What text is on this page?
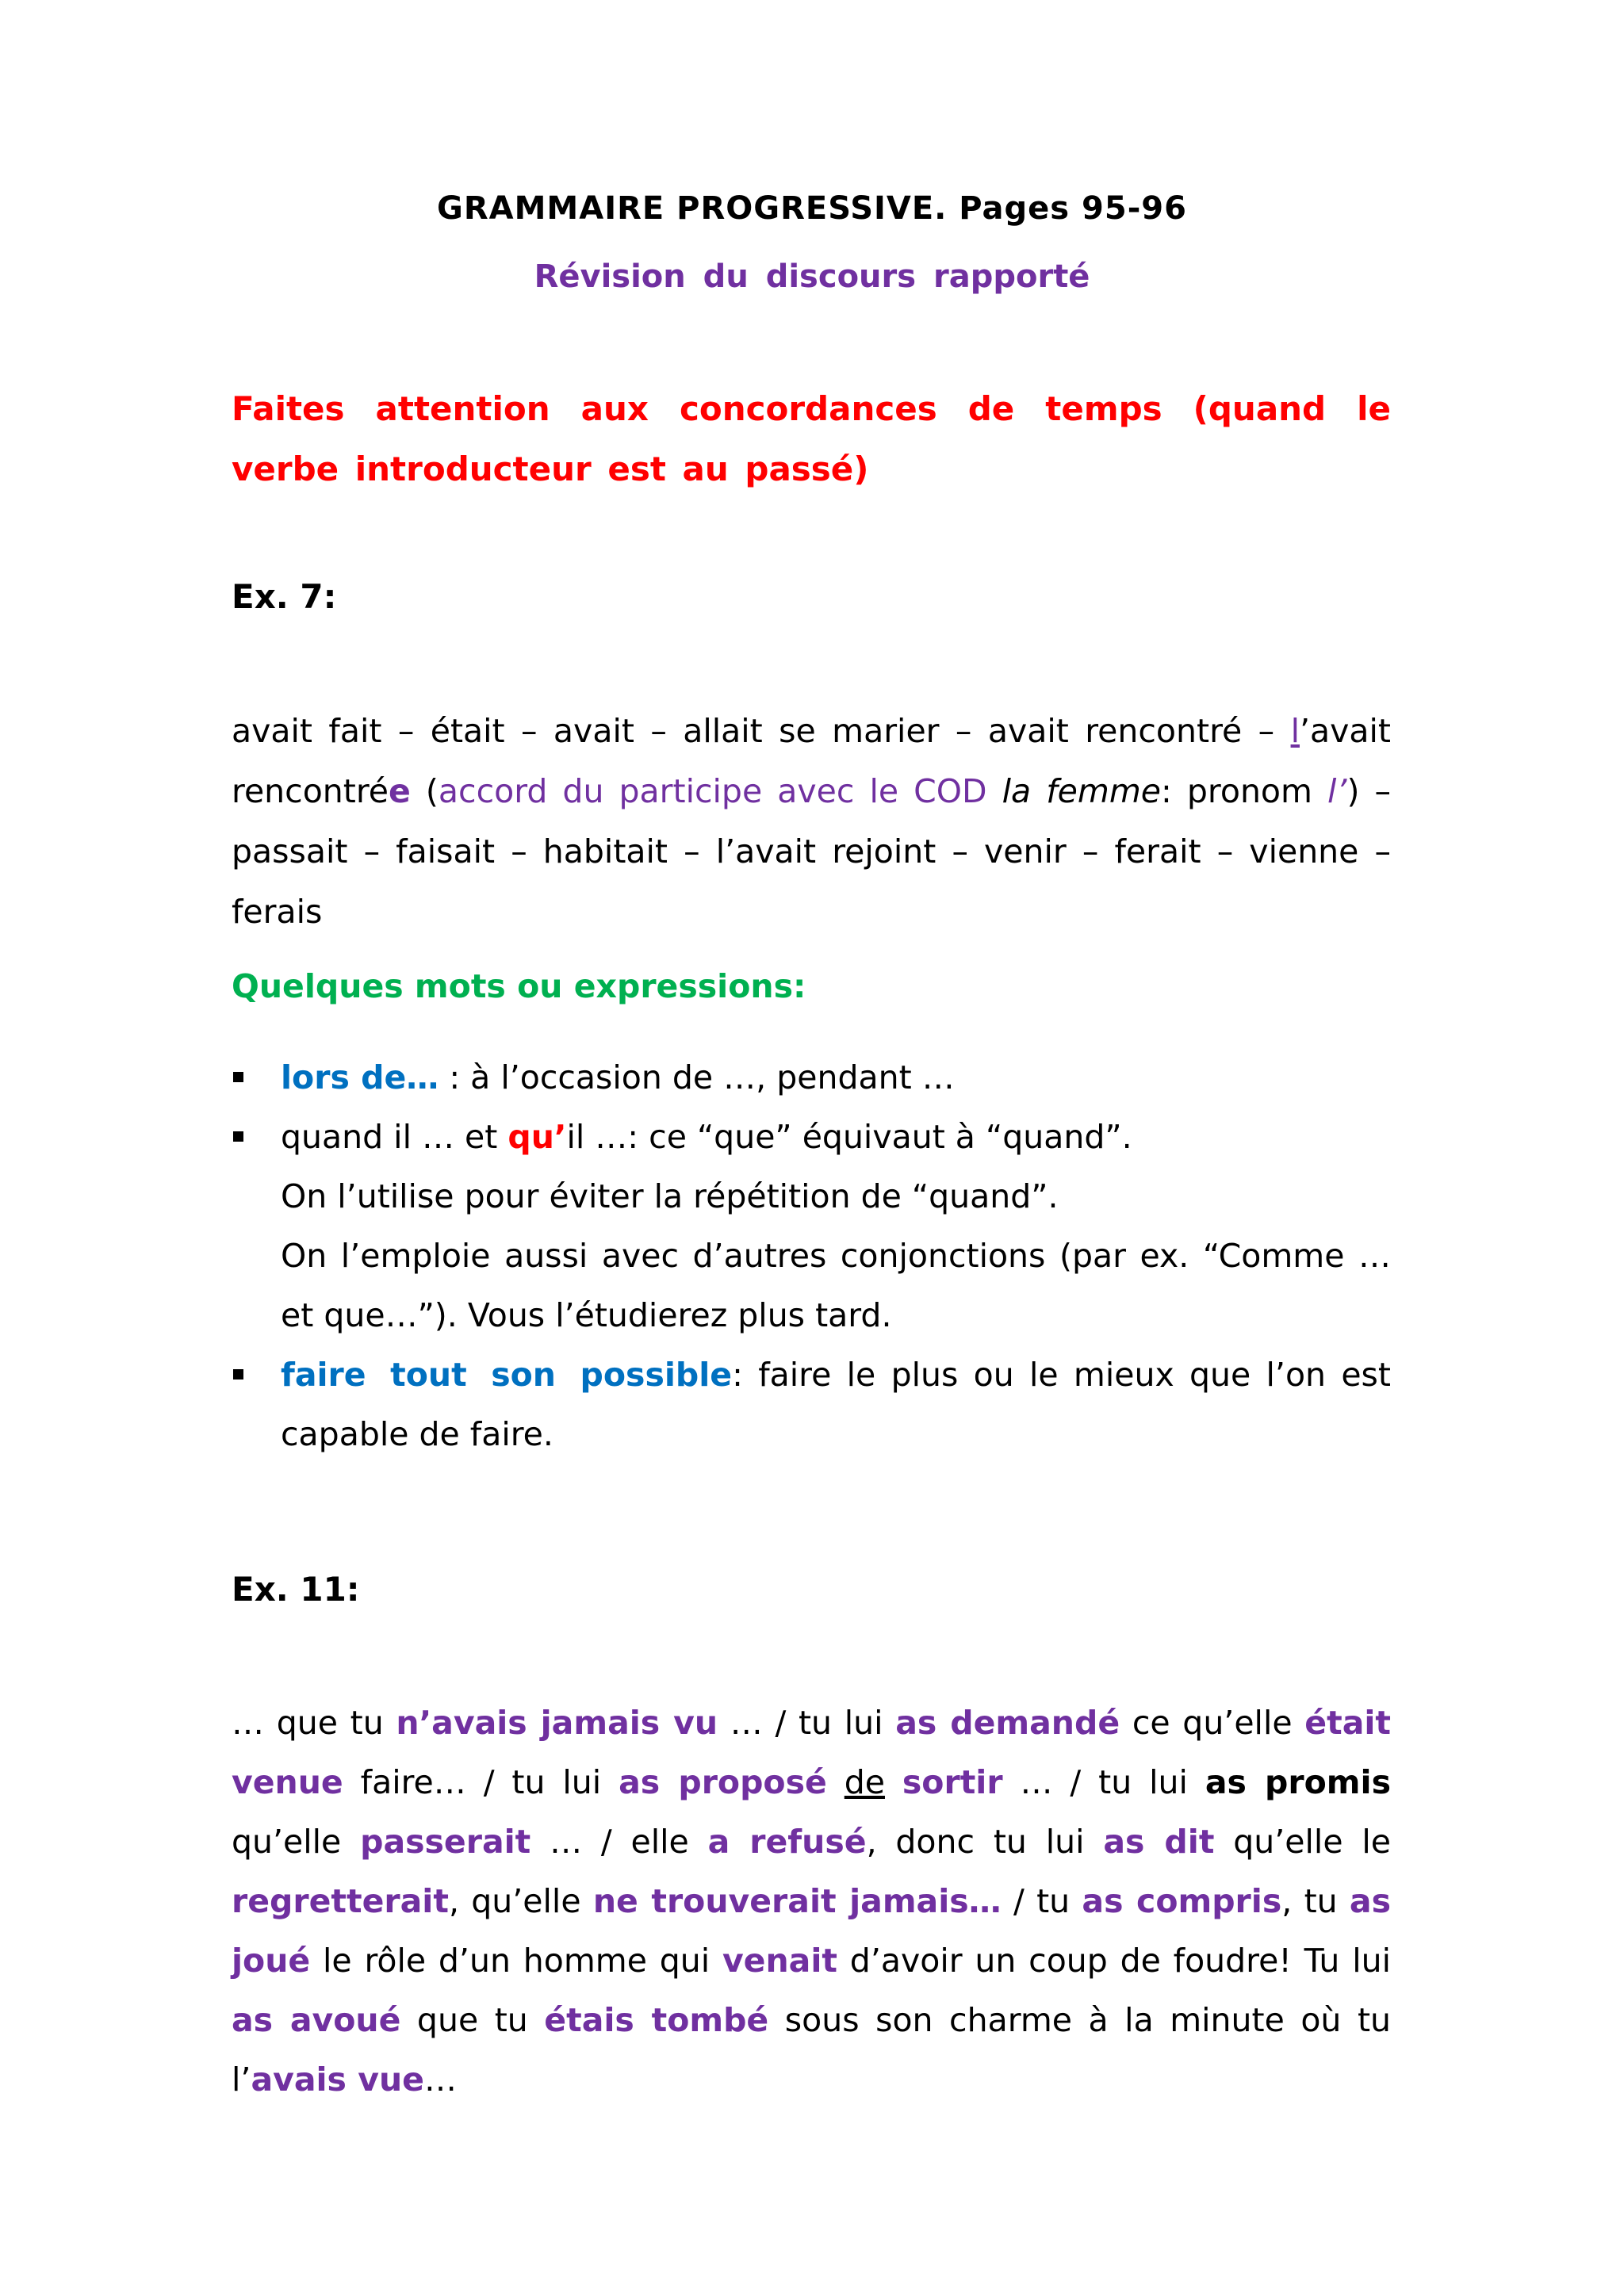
GRAMMAIRE PROGRESSIVE. Pages 95-96
Révision du discours rapporté
Faites attention aux concordances de temps (quand le verbe introducteur est au passé)
Ex. 7:
avait fait – était – avait – allait se marier – avait rencontré – l’avait rencontrée (accord du participe avec le COD la femme: pronom l’) – passait – faisait – habitait – l’avait rejoint – venir – ferait – vienne – ferais
Quelques mots ou expressions:
lors de… : à l’occasion de …, pendant …
quand il … et qu’il …: ce “que” équivaut à “quand”.
On l’utilise pour éviter la répétition de “quand”.
On l’emploie aussi avec d’autres conjonctions (par ex. “Comme … et que…”). Vous l’étudierez plus tard.
faire tout son possible: faire le plus ou le mieux que l’on est capable de faire.
Ex. 11:
… que tu n’avais jamais vu … / tu lui as demandé ce qu’elle était venue faire… / tu lui as proposé de sortir … / tu lui as promis qu’elle passerait … / elle a refusé, donc tu lui as dit qu’elle le regretterait, qu’elle ne trouverait jamais… / tu as compris, tu as joué le rôle d’un homme qui venait d’avoir un coup de foudre! Tu lui as avoué que tu étais tombé sous son charme à la minute où tu l’avais vue…
